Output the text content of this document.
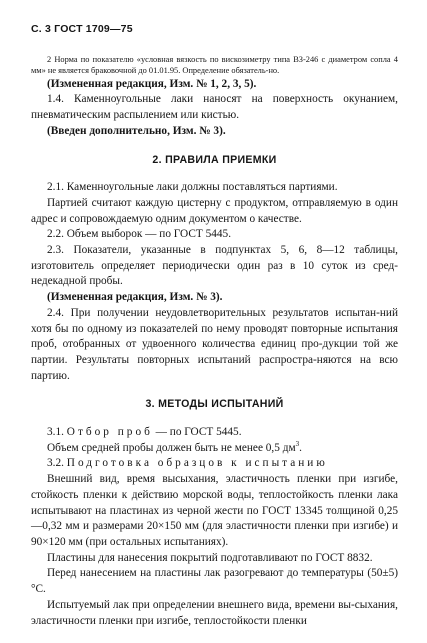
С. 3 ГОСТ 1709—75

2 Норма по показателю «условная вязкость по вискозиметру типа ВЗ-246 с диаметром сопла 4 мм» не является браковочной до 01.01.95. Определение обязатель-но.

(Измененная редакция, Изм. № 1, 2, 3, 5).

1.4. Каменноугольные лаки наносят на поверхность окунанием, пневматическим распылением или кистью.

(Введен дополнительно, Изм. № 3).

2. ПРАВИЛА ПРИЕМКИ

2.1. Каменноугольные лаки должны поставляться партиями.

Партией считают каждую цистерну с продуктом, отправляемую в один адрес и сопровождаемую одним документом о качестве.

2.2. Объем выборок — по ГОСТ 5445.

2.3. Показатели, указанные в подпунктах 5, 6, 8—12 таблицы, изготовитель определяет периодически один раз в 10 суток из сред-недекадной пробы.

(Измененная редакция, Изм. № 3).

2.4. При получении неудовлетворительных результатов испытан-ний хотя бы по одному из показателей по нему проводят повторные испытания проб, отобранных от удвоенного количества единиц про-дукции той же партии. Результаты повторных испытаний распростра-няются на всю партию.

3. МЕТОДЫ ИСПЫТАНИЙ

3.1. Отбор проб — по ГОСТ 5445.

Объем средней пробы должен быть не менее 0,5 $дм^3$.

3.2. Подготовка образцов к испытанию

Внешний вид, время высыхания, эластичность пленки при изгибе, стойкость пленки к действию морской воды, теплостойкость пленки лака испытывают на пластинах из черной жести по ГОСТ 13345 толщиной 0,25—0,32 мм и размерами 20×150 мм (для эластичности пленки при изгибе) и 90×120 мм (при остальных испытаниях).

Пластины для нанесения покрытий подготавливают по ГОСТ 8832.

Перед нанесением на пластины лак разогревают до температуры (50±5) °С.

Испытуемый лак при определении внешнего вида, времени вы-сыхания, эластичности пленки при изгибе, теплостойкости пленки
